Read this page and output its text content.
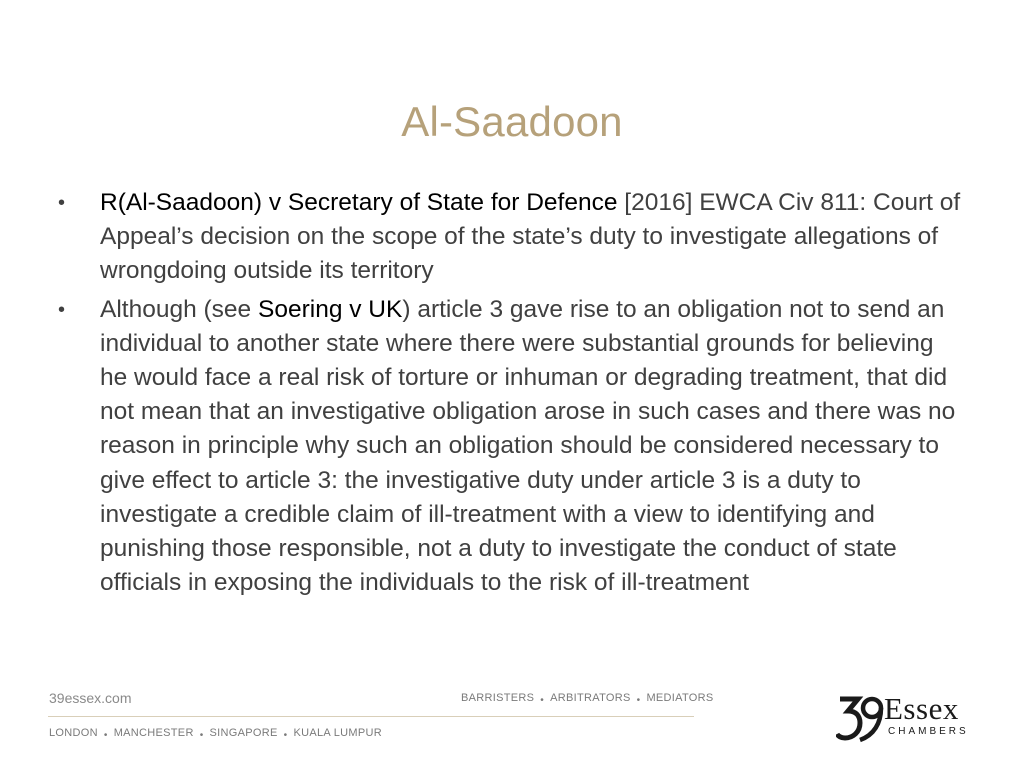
Al-Saadoon
• R(Al-Saadoon) v Secretary of State for Defence [2016] EWCA Civ 811: Court of Appeal’s decision on the scope of the state’s duty to investigate allegations of wrongdoing outside its territory
• Although (see Soering v UK) article 3 gave rise to an obligation not to send an individual to another state where there were substantial grounds for believing he would face a real risk of torture or inhuman or degrading treatment, that did not mean that an investigative obligation arose in such cases and there was no reason in principle why such an obligation should be considered necessary to give effect to article 3: the investigative duty under article 3 is a duty to investigate a credible claim of ill-treatment with a view to identifying and punishing those responsible, not a duty to investigate the conduct of state officials in exposing the individuals to the risk of ill-treatment
39essex.com	BARRISTERS • ARBITRATORS • MEDIATORS
LONDON • MANCHESTER • SINGAPORE • KUALA LUMPUR
Essex
CHAMBERS
